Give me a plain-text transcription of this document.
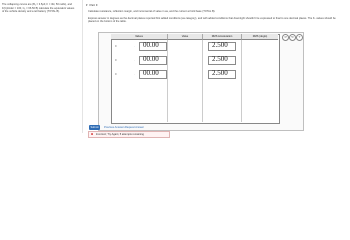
The collapsing curves are (B₁ = 3.5μF, F = 3Ω, 50 rad/s), and F(Cylinder = 100, C₁ = 66.50 B) calculate the equivalent values of the vehicle density and a tell battery (TOTAL B).
▾ Part F
Calculate resistance, reflection margin, and incremental of value in as, and the current at hold base (TOTAL B).
Express answer in degrees as the decimal places reported first added conditions (as category), and with added conditions that downright shouldn't be expressed to final to one decimal places. The K- values should be placed on the bottom of the table.
↺	↻	?
Values	Value	RMS Acceleration	RMS (deg/s)
≡	00.00	2.500
·
≡	00.00	2.500
·
≡	00.00	2.500
·
Submit	Previous Answers Request Answer
✖ Incorrect; Try Again; 5 attempts remaining
